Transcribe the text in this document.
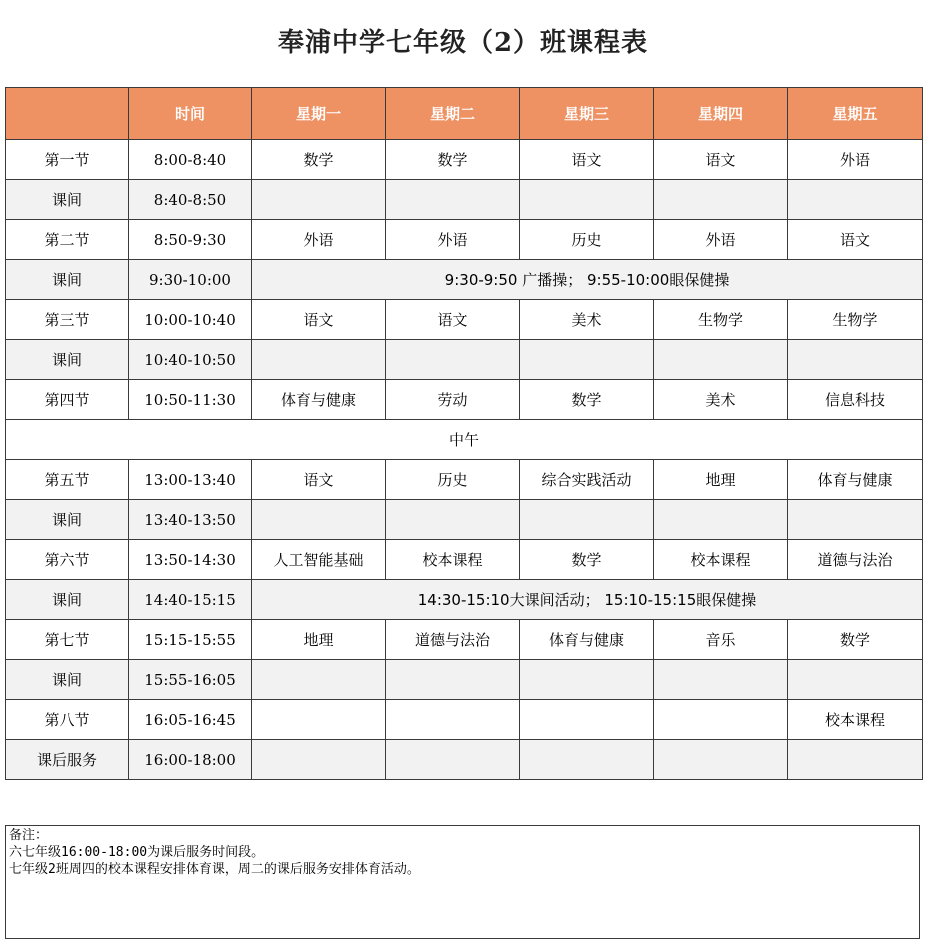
奉浦中学七年级（2）班课程表
	时间	星期一	星期二	星期三	星期四	星期五
第一节	8:00-8:40	数学	数学	语文	语文	外语
课间	8:40-8:50					
第二节	8:50-9:30	外语	外语	历史	外语	语文
课间	9:30-10:00	9:30-9:50 广播操； 9:55-10:00眼保健操				
第三节	10:00-10:40	语文	语文	美术	生物学	生物学
课间	10:40-10:50					
第四节	10:50-11:30	体育与健康	劳动	数学	美术	信息科技
中午						
第五节	13:00-13:40	语文	历史	综合实践活动	地理	体育与健康
课间	13:40-13:50					
第六节	13:50-14:30	人工智能基础	校本课程	数学	校本课程	道德与法治
课间	14:40-15:15	14:30-15:10大课间活动； 15:10-15:15眼保健操				
第七节	15:15-15:55	地理	道德与法治	体育与健康	音乐	数学
课间	15:55-16:05					
第八节	16:05-16:45					校本课程
课后服务	16:00-18:00					
备注：
六七年级16:00-18:00为课后服务时间段。
七年级2班周四的校本课程安排体育课，周二的课后服务安排体育活动。
